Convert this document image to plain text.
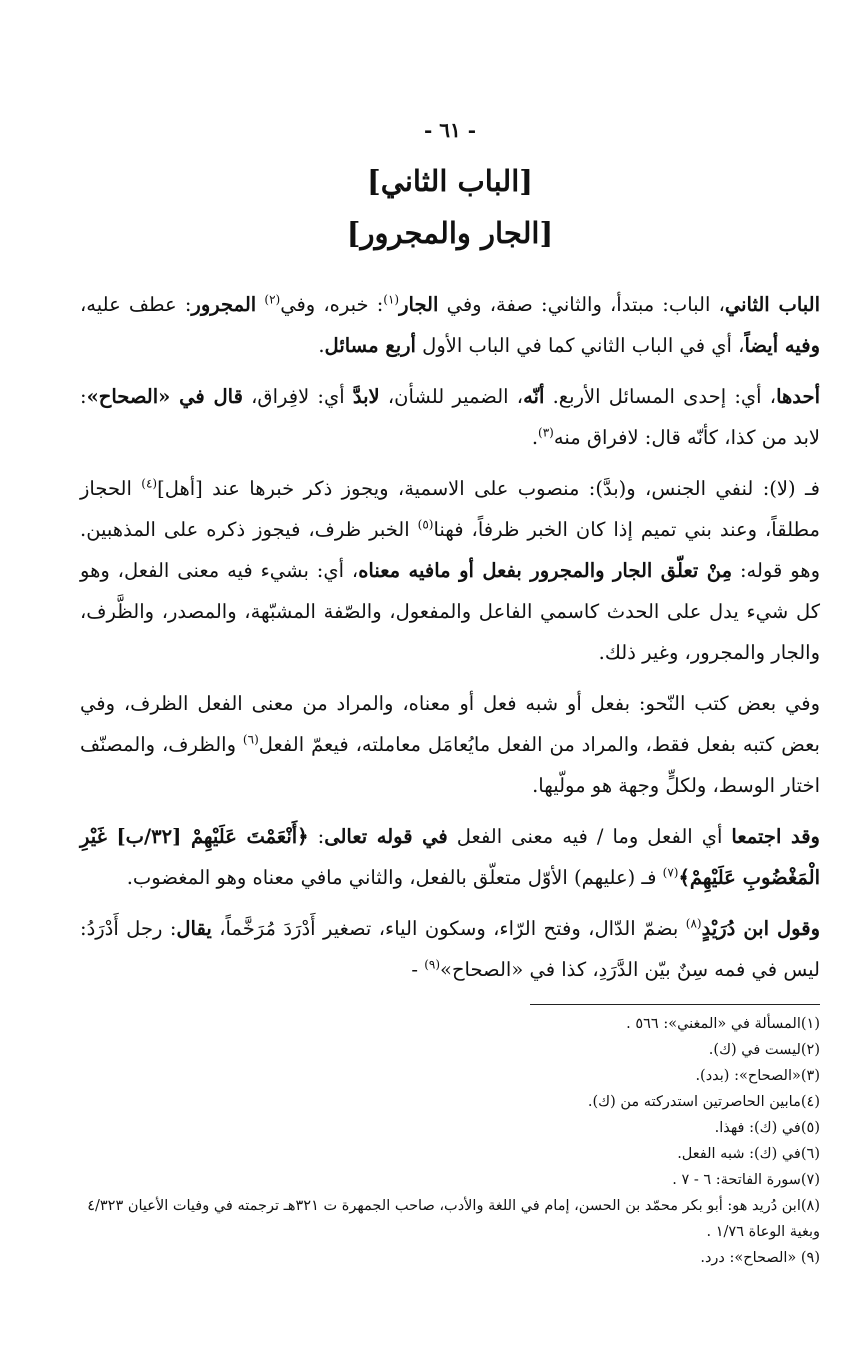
- ٦١ -
[الباب الثاني]
[الجار والمجرور]

الباب الثاني، الباب: مبتدأ، والثاني: صفة، وفي الجار$^{(١)}$: خبره، وفي$^{(٢)}$ المجرور: عطف عليه، وفيه أيضاً، أي في الباب الثاني كما في الباب الأول أربع مسائل.

أحدها، أي: إحدى المسائل الأربع. أنّه، الضمير للشأن، لابدَّ أي: لافِراق، قال في «الصحاح»: لابد من كذا، كأنّه قال: لافراق منه$^{(٣)}$.

فـ (لا): لنفي الجنس، و(بدَّ): منصوب على الاسمية، ويجوز ذكر خبرها عند [أهل]$^{(٤)}$ الحجاز مطلقاً، وعند بني تميم إذا كان الخبر ظرفاً، فهنا$^{(٥)}$ الخبر ظرف، فيجوز ذكره على المذهبين. وهو قوله: مِنْ تعلّق الجار والمجرور بفعل أو مافيه معناه، أي: بشيء فيه معنى الفعل، وهو كل شيء يدل على الحدث كاسمي الفاعل والمفعول، والصّفة المشبّهة، والمصدر، والظَّرف، والجار والمجرور، وغير ذلك.

وفي بعض كتب النّحو: بفعل أو شبه فعل أو معناه، والمراد من معنى الفعل الظرف، وفي بعض كتبه بفعل فقط، والمراد من الفعل مايُعامَل معاملته، فيعمّ الفعل$^{(٦)}$ والظرف، والمصنّف اختار الوسط، ولكلٍّ وجهة هو مولّيها.

وقد اجتمعا أي الفعل وما / فيه معنى الفعل في قوله تعالى: ﴿أَنْعَمْتَ عَلَيْهِمْ [٣٢/ب] غَيْرِ الْمَغْضُوبِ عَلَيْهِمْ﴾$^{(٧)}$ فـ (عليهم) الأوّل متعلّق بالفعل، والثاني مافي معناه وهو المغضوب.

وقول ابن دُرَيْدٍ$^{(٨)}$ بضمّ الدّال، وفتح الرّاء، وسكون الياء، تصغير أَدْرَدَ مُرَخَّماً، يقال: رجل أَدْرَدُ: ليس في فمه سِنٌ بيّن الدَّرَدِ، كذا في «الصحاح»$^{(٩)}$ -

(١)المسألة في «المغني»: ٥٦٦ .

(٢)ليست في (ك).

(٣)«الصحاح»: (بدد).

(٤)مابين الحاصرتين استدركته من (ك).

(٥)في (ك): فهذا.

(٦)في (ك): شبه الفعل.

(٧)سورة الفاتحة: ٦ - ٧ .

(٨)ابن دُريد هو: أبو بكر محمّد بن الحسن، إمام في اللغة والأدب، صاحب الجمهرة ت ٣٢١هـ ترجمته في وفيات الأعيان ٤/٣٢٣ وبغية الوعاة ١/٧٦ .

(٩) «الصحاح»: درد.
